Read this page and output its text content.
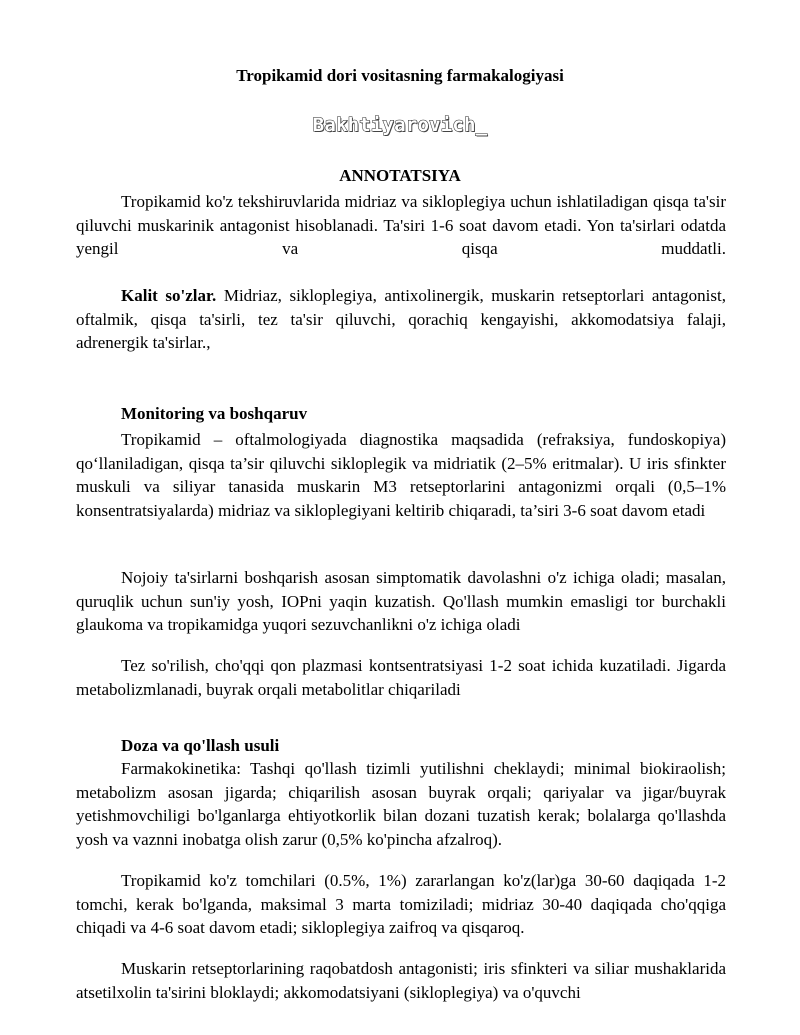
Tropikamid dori vositasning farmakalogiyasi
Bakhtiyarovich_
ANNOTATSIYA

Tropikamid ko'z tekshiruvlarida midriaz va sikloplegiya uchun ishlatiladigan qisqa ta'sir qiluvchi muskarinik antagonist hisoblanadi. Ta'siri 1-6 soat davom etadi. Yon ta'sirlari odatda yengil va qisqa muddatli.

Kalit so'zlar. Midriaz, sikloplegiya, antixolinergik, muskarin retseptorlari antagonist, oftalmik, qisqa ta'sirli, tez ta'sir qiluvchi, qorachiq kengayishi, akkomodatsiya falaji, adrenergik ta'sirlar.,

Monitoring va boshqaruv

Tropikamid – oftalmologiyada diagnostika maqsadida (refraksiya, fundoskopiya) qo‘llaniladigan, qisqa ta’sir qiluvchi sikloplegik va midriatik (2–5% eritmalar). U iris sfinkter muskuli va siliyar tanasida muskarin M3 retseptorlarini antagonizmi orqali (0,5–1% konsentratsiyalarda) midriaz va sikloplegiyani keltirib chiqaradi, ta’siri 3-6 soat davom etadi

Nojoiy ta'sirlarni boshqarish asosan simptomatik davolashni o'z ichiga oladi; masalan, quruqlik uchun sun'iy yosh, IOPni yaqin kuzatish. Qo'llash mumkin emasligi tor burchakli glaukoma va tropikamidga yuqori sezuvchanlikni o'z ichiga oladi

Tez so'rilish, cho'qqi qon plazmasi kontsentratsiyasi 1-2 soat ichida kuzatiladi. Jigarda metabolizmlanadi, buyrak orqali metabolitlar chiqariladi

Doza va qo'llash usuli

Farmakokinetika: Tashqi qo'llash tizimli yutilishni cheklaydi; minimal biokiraolish; metabolizm asosan jigarda; chiqarilish asosan buyrak orqali; qariyalar va jigar/buyrak yetishmovchiligi bo'lganlarga ehtiyotkorlik bilan dozani tuzatish kerak; bolalarga qo'llashda yosh va vaznni inobatga olish zarur (0,5% ko'pincha afzalroq).

Tropikamid ko'z tomchilari (0.5%, 1%) zararlangan ko'z(lar)ga 30-60 daqiqada 1-2 tomchi, kerak bo'lganda, maksimal 3 marta tomiziladi; midriaz 30-40 daqiqada cho'qqiga chiqadi va 4-6 soat davom etadi; sikloplegiya zaifroq va qisqaroq.

Muskarin retseptorlarining raqobatdosh antagonisti; iris sfinkteri va siliar mushaklarida atsetilxolin ta'sirini bloklaydi; akkomodatsiyani (sikloplegiya) va o'quvchi
